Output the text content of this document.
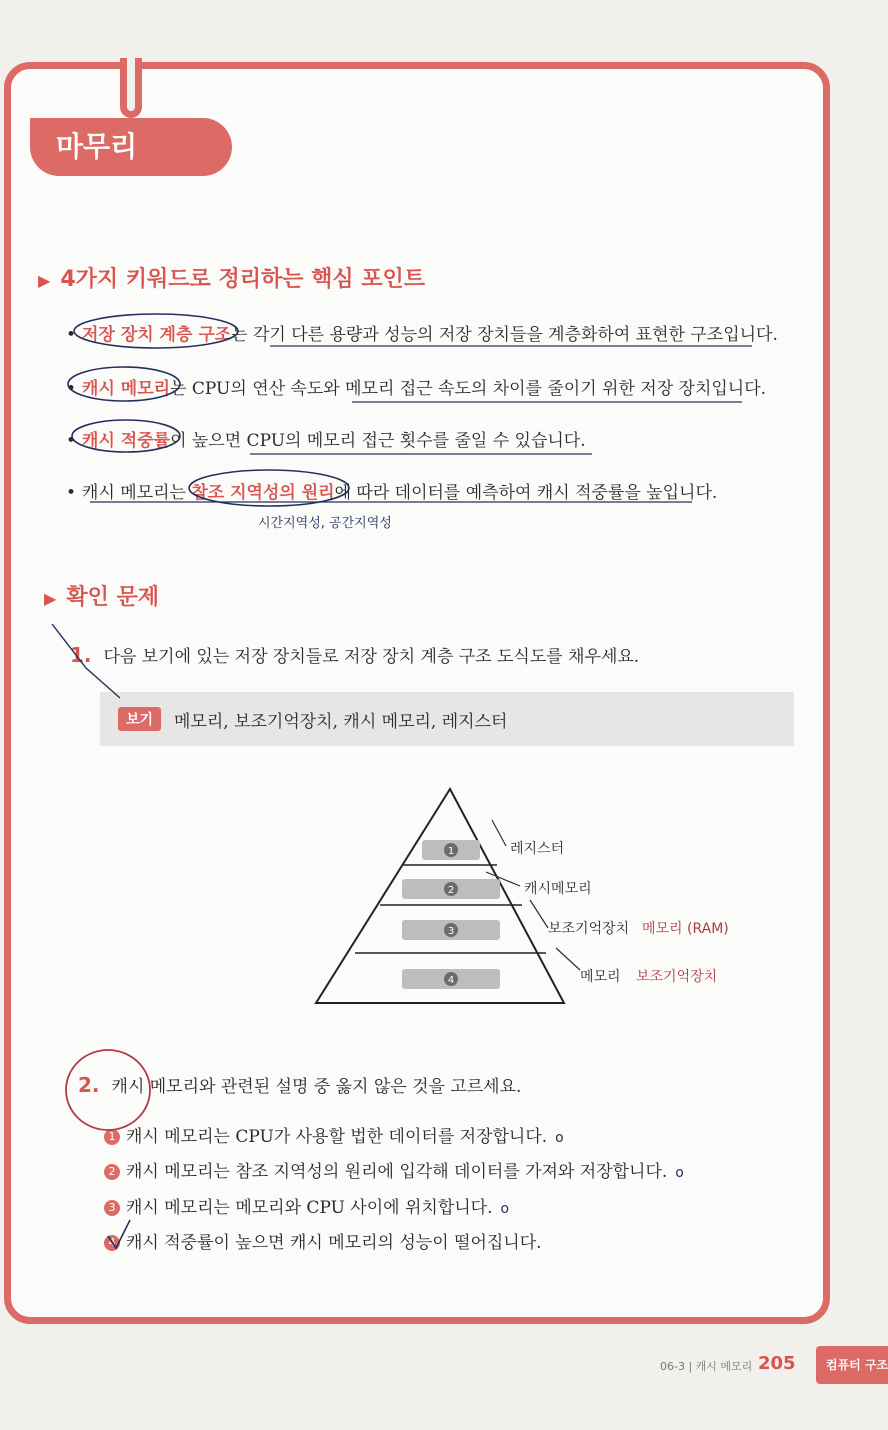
마무리
▶ 4가지 키워드로 정리하는 핵심 포인트
• 저장 장치 계층 구조는 각기 다른 용량과 성능의 저장 장치들을 계층화하여 표현한 구조입니다.
• 캐시 메모리는 CPU의 연산 속도와 메모리 접근 속도의 차이를 줄이기 위한 저장 장치입니다.
• 캐시 적중률이 높으면 CPU의 메모리 접근 횟수를 줄일 수 있습니다.
• 캐시 메모리는 참조 지역성의 원리에 따라 데이터를 예측하여 캐시 적중률을 높입니다.
시간지역성, 공간지역성
▶ 확인 문제
1. 다음 보기에 있는 저장 장치들로 저장 장치 계층 구조 도식도를 채우세요.
보기	메모리, 보조기억장치, 캐시 메모리, 레지스터
1
2
3
4
레지스터
캐시메모리
보조기억장치 메모리 (RAM)
메모리 보조기억장치
2. 캐시 메모리와 관련된 설명 중 옳지 않은 것을 고르세요.
1 캐시 메모리는 CPU가 사용할 법한 데이터를 저장합니다. o
2 캐시 메모리는 참조 지역성의 원리에 입각해 데이터를 가져와 저장합니다. o
3 캐시 메모리는 메모리와 CPU 사이에 위치합니다. o
4 캐시 적중률이 높으면 캐시 메모리의 성능이 떨어집니다.
06-3 | 캐시 메모리 205	컴퓨터 구조
